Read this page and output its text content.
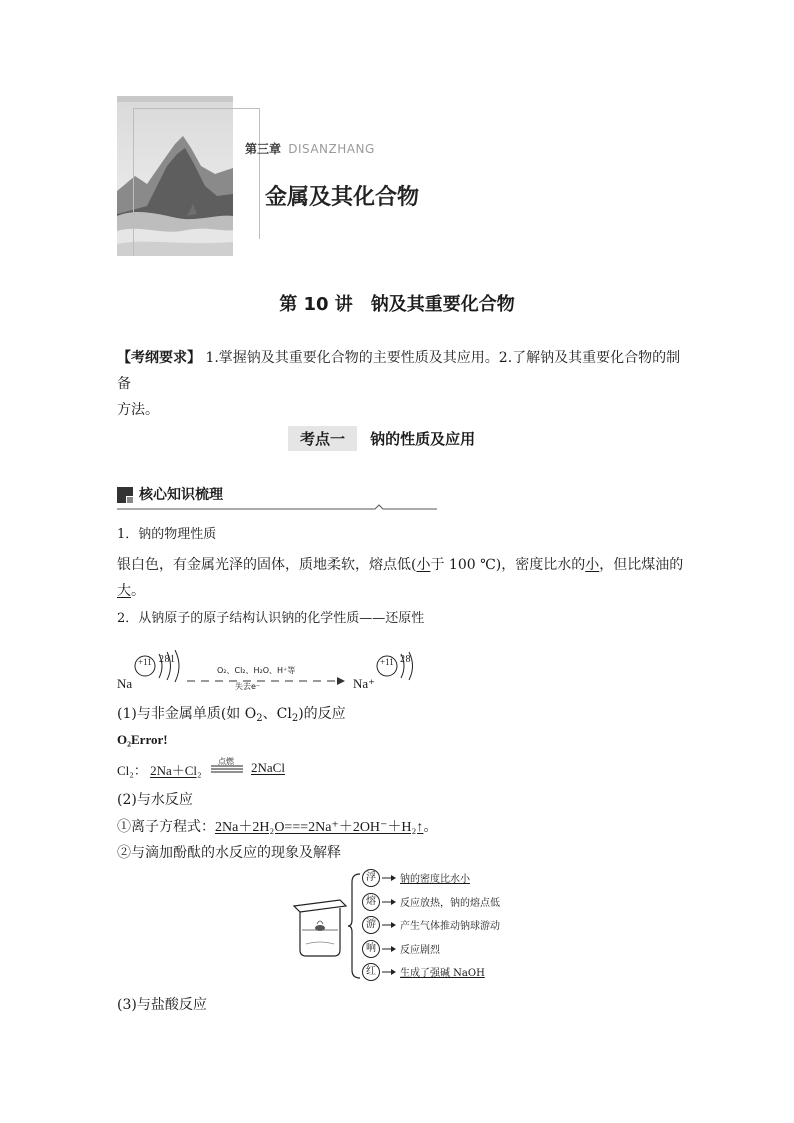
第三章 DISANZHANG
金属及其化合物
第 10 讲　钠及其重要化合物
【考纲要求】 1.掌握钠及其重要化合物的主要性质及其应用。2.了解钠及其重要化合物的制备
方法。
考点一 钠的性质及应用
核心知识梳理
1．钠的物理性质
银白色，有金属光泽的固体，质地柔软，熔点低(小于 100 ℃)，密度比水的小，但比煤油的
大。
2．从钠原子的原子结构认识钠的化学性质——还原性
Na
+11 2 8 1
O₂、Cl₂、H₂O、H⁺等
失去e⁻	Na⁺
+11 2 8
(1)与非金属单质(如 $O_2$、$Cl_2$)的反应
O₂Error!
Cl₂： 2Na＋Cl₂
点燃	2NaCl
(2)与水反应
①离子方程式：2Na＋2H₂O===2Na⁺＋2OH⁻＋H₂↑。
②与滴加酚酞的水反应的现象及解释
浮	钠的密度比水小
熔	反应放热，钠的熔点低
游	产生气体推动钠球游动
响	反应剧烈
红	生成了强碱 NaOH
(3)与盐酸反应
